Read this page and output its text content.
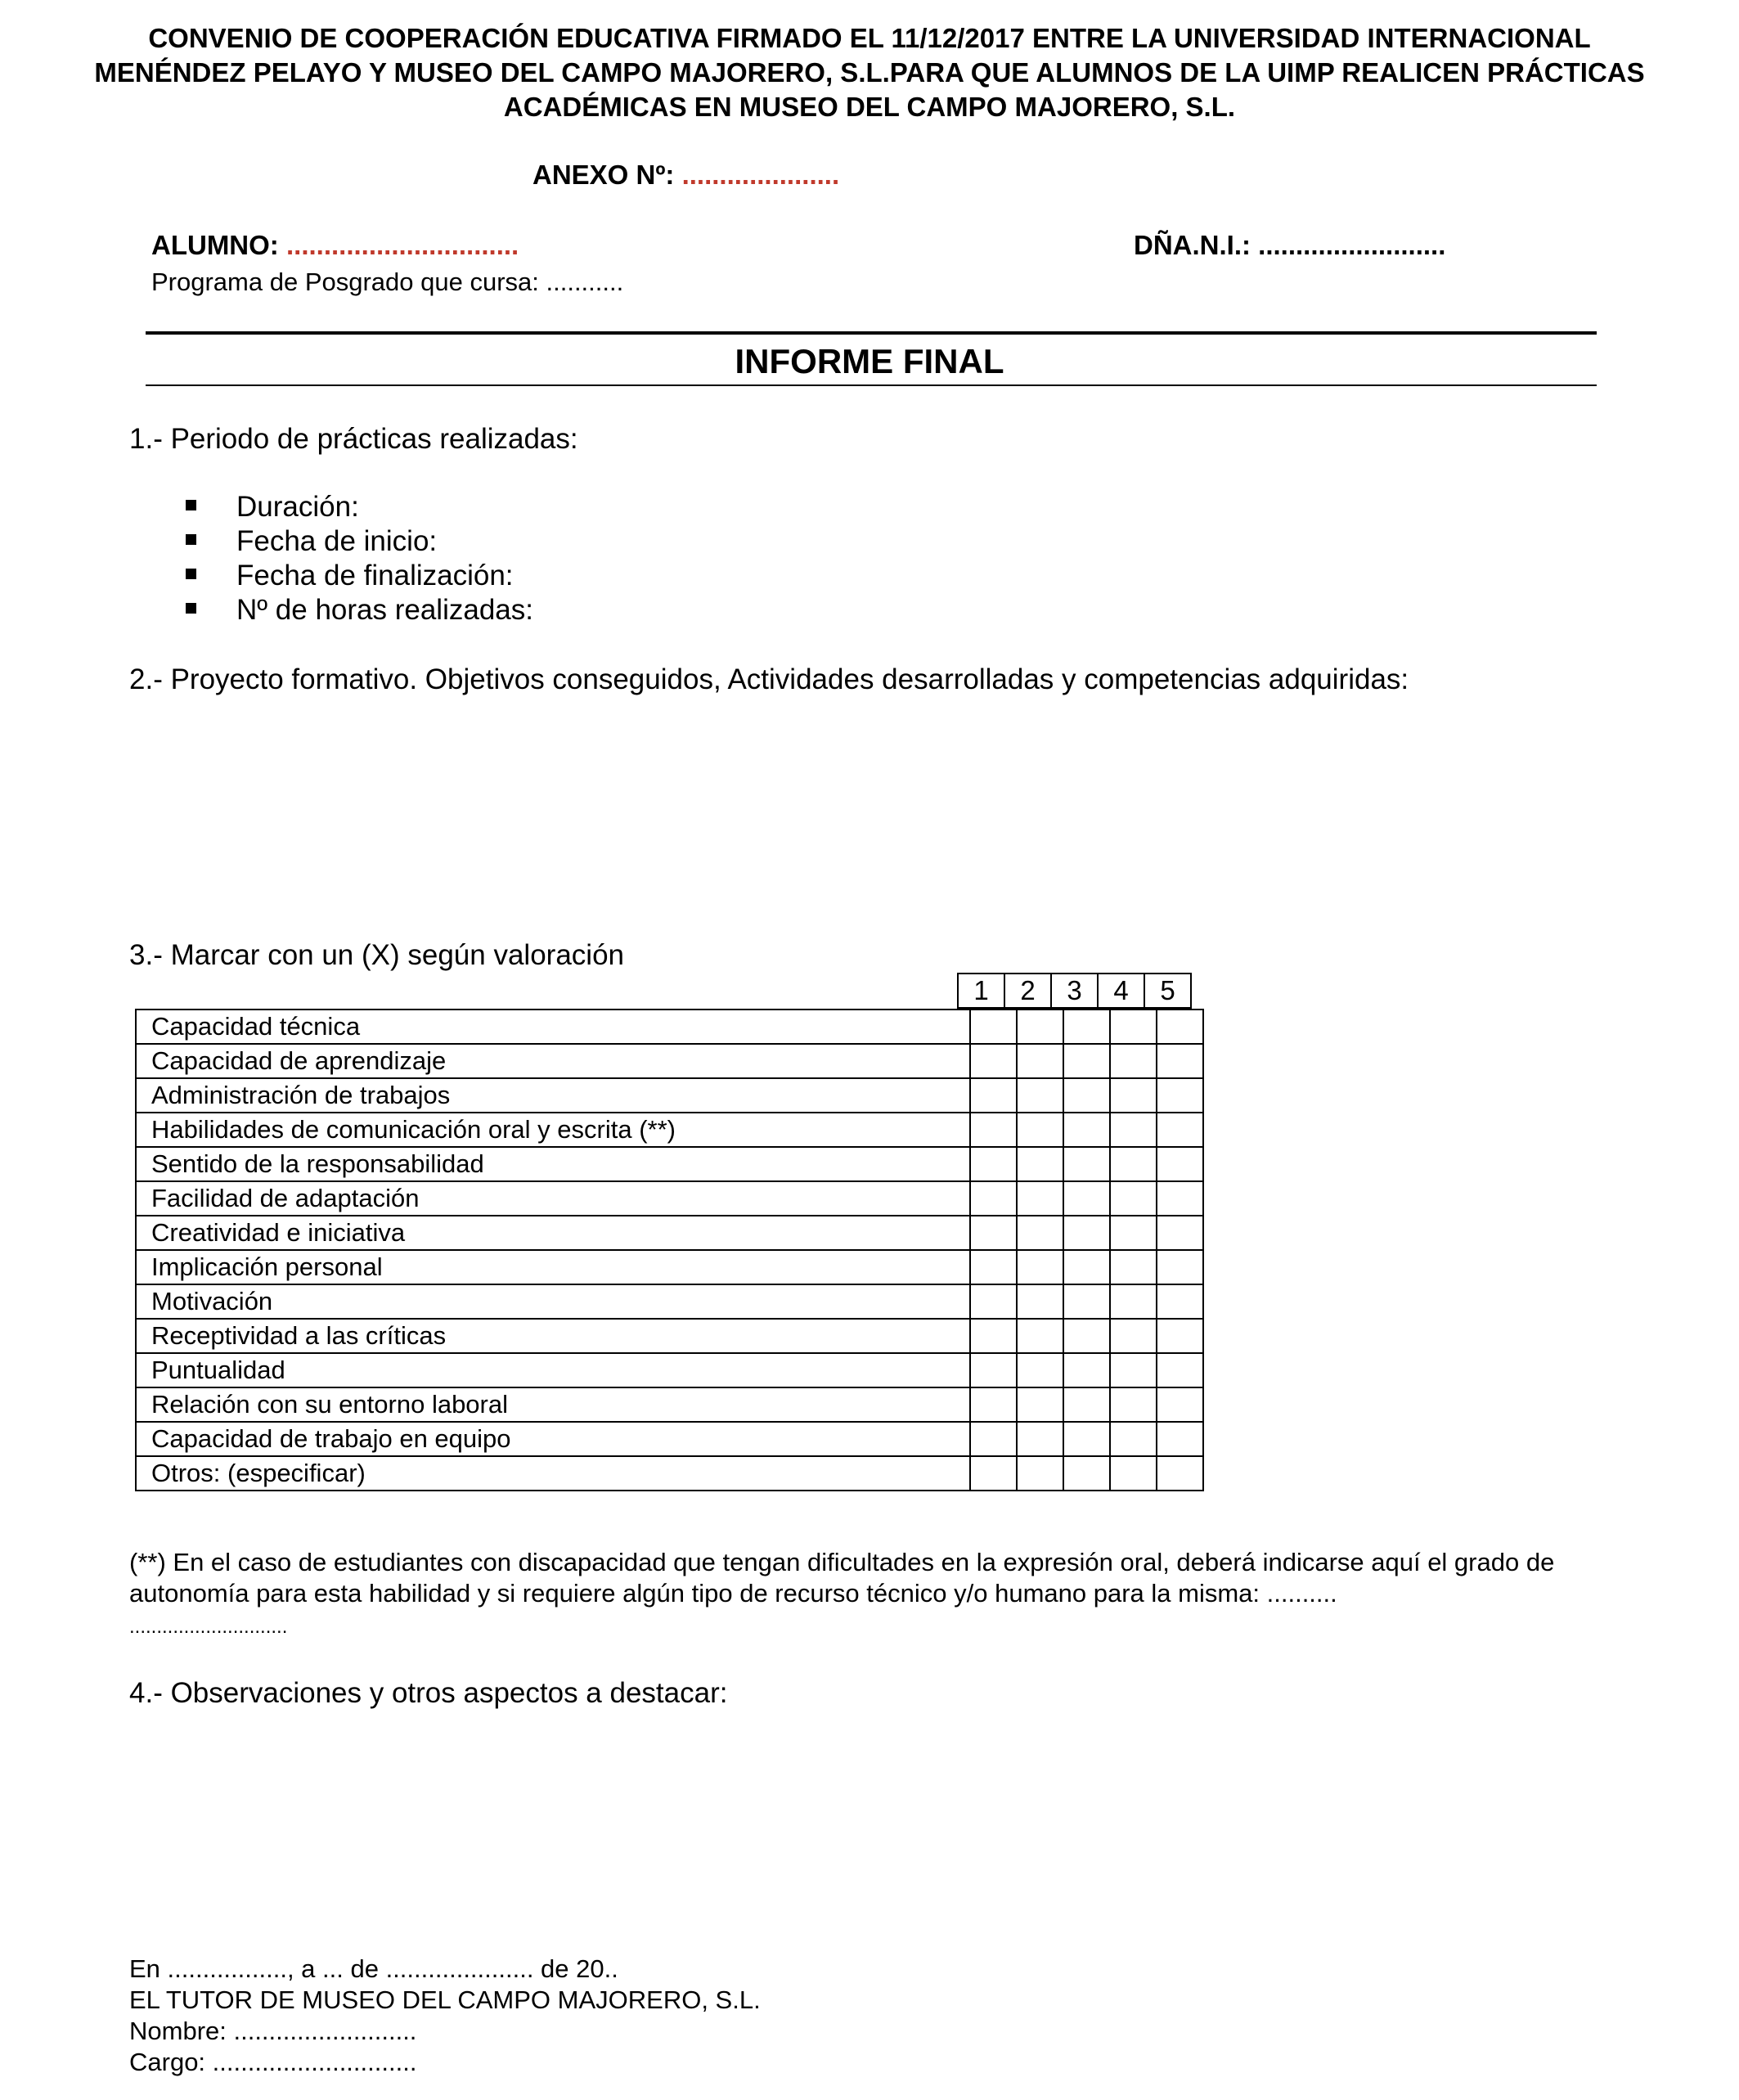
CONVENIO DE COOPERACIÓN EDUCATIVA FIRMADO EL 11/12/2017 ENTRE LA UNIVERSIDAD INTERNACIONAL
MENÉNDEZ PELAYO Y MUSEO DEL CAMPO MAJORERO, S.L.PARA QUE ALUMNOS DE LA UIMP REALICEN PRÁCTICAS
ACADÉMICAS EN MUSEO DEL CAMPO MAJORERO, S.L.
ANEXO Nº: .....................
ALUMNO: ...............................	DÑA.N.I.: .........................
Programa de Posgrado que cursa: ...........
INFORME FINAL
1.- Periodo de prácticas realizadas:
Duración:
Fecha de inicio:
Fecha de finalización:
Nº de horas realizadas:
2.- Proyecto formativo. Objetivos conseguidos, Actividades desarrolladas y competencias adquiridas:
3.- Marcar con un (X) según valoración
1	2	3	4	5
Capacidad técnica					
Capacidad de aprendizaje					
Administración de trabajos					
Habilidades de comunicación oral y escrita (**)					
Sentido de la responsabilidad					
Facilidad de adaptación					
Creatividad e iniciativa					
Implicación personal					
Motivación					
Receptividad a las críticas					
Puntualidad					
Relación con su entorno laboral					
Capacidad de trabajo en equipo					
Otros: (especificar)					
(**) En el caso de estudiantes con discapacidad que tengan dificultades en la expresión oral, deberá indicarse aquí el grado de
autonomía para esta habilidad y si requiere algún tipo de recurso técnico y/o humano para la misma: ..........
.............................
4.- Observaciones y otros aspectos a destacar:
En ................., a ... de ..................... de 20..
EL TUTOR DE MUSEO DEL CAMPO MAJORERO, S.L.
Nombre: ..........................
Cargo: .............................
